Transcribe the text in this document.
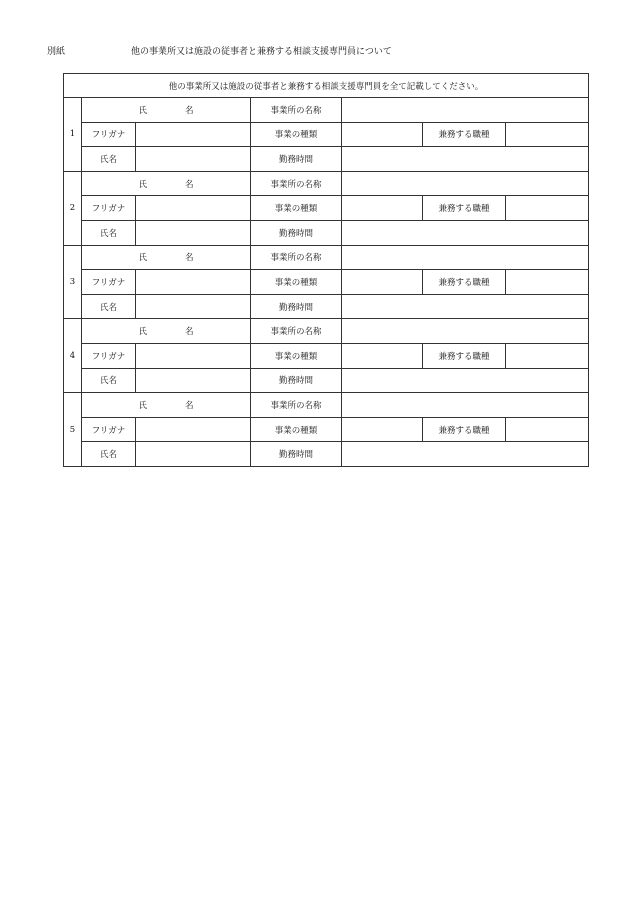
別紙	他の事業所又は施設の従事者と兼務する相談支援専門員について
他の事業所又は施設の従事者と兼務する相談支援専門員を全て記載してください。						
1	氏 名		事業所の名称			
	フリガナ		事業の種類		兼務する職種	
	氏名		勤務時間			
2	氏 名		事業所の名称			
	フリガナ		事業の種類		兼務する職種	
	氏名		勤務時間			
3	氏 名		事業所の名称			
	フリガナ		事業の種類		兼務する職種	
	氏名		勤務時間			
4	氏 名		事業所の名称			
	フリガナ		事業の種類		兼務する職種	
	氏名		勤務時間			
5	氏 名		事業所の名称			
	フリガナ		事業の種類		兼務する職種	
	氏名		勤務時間			
